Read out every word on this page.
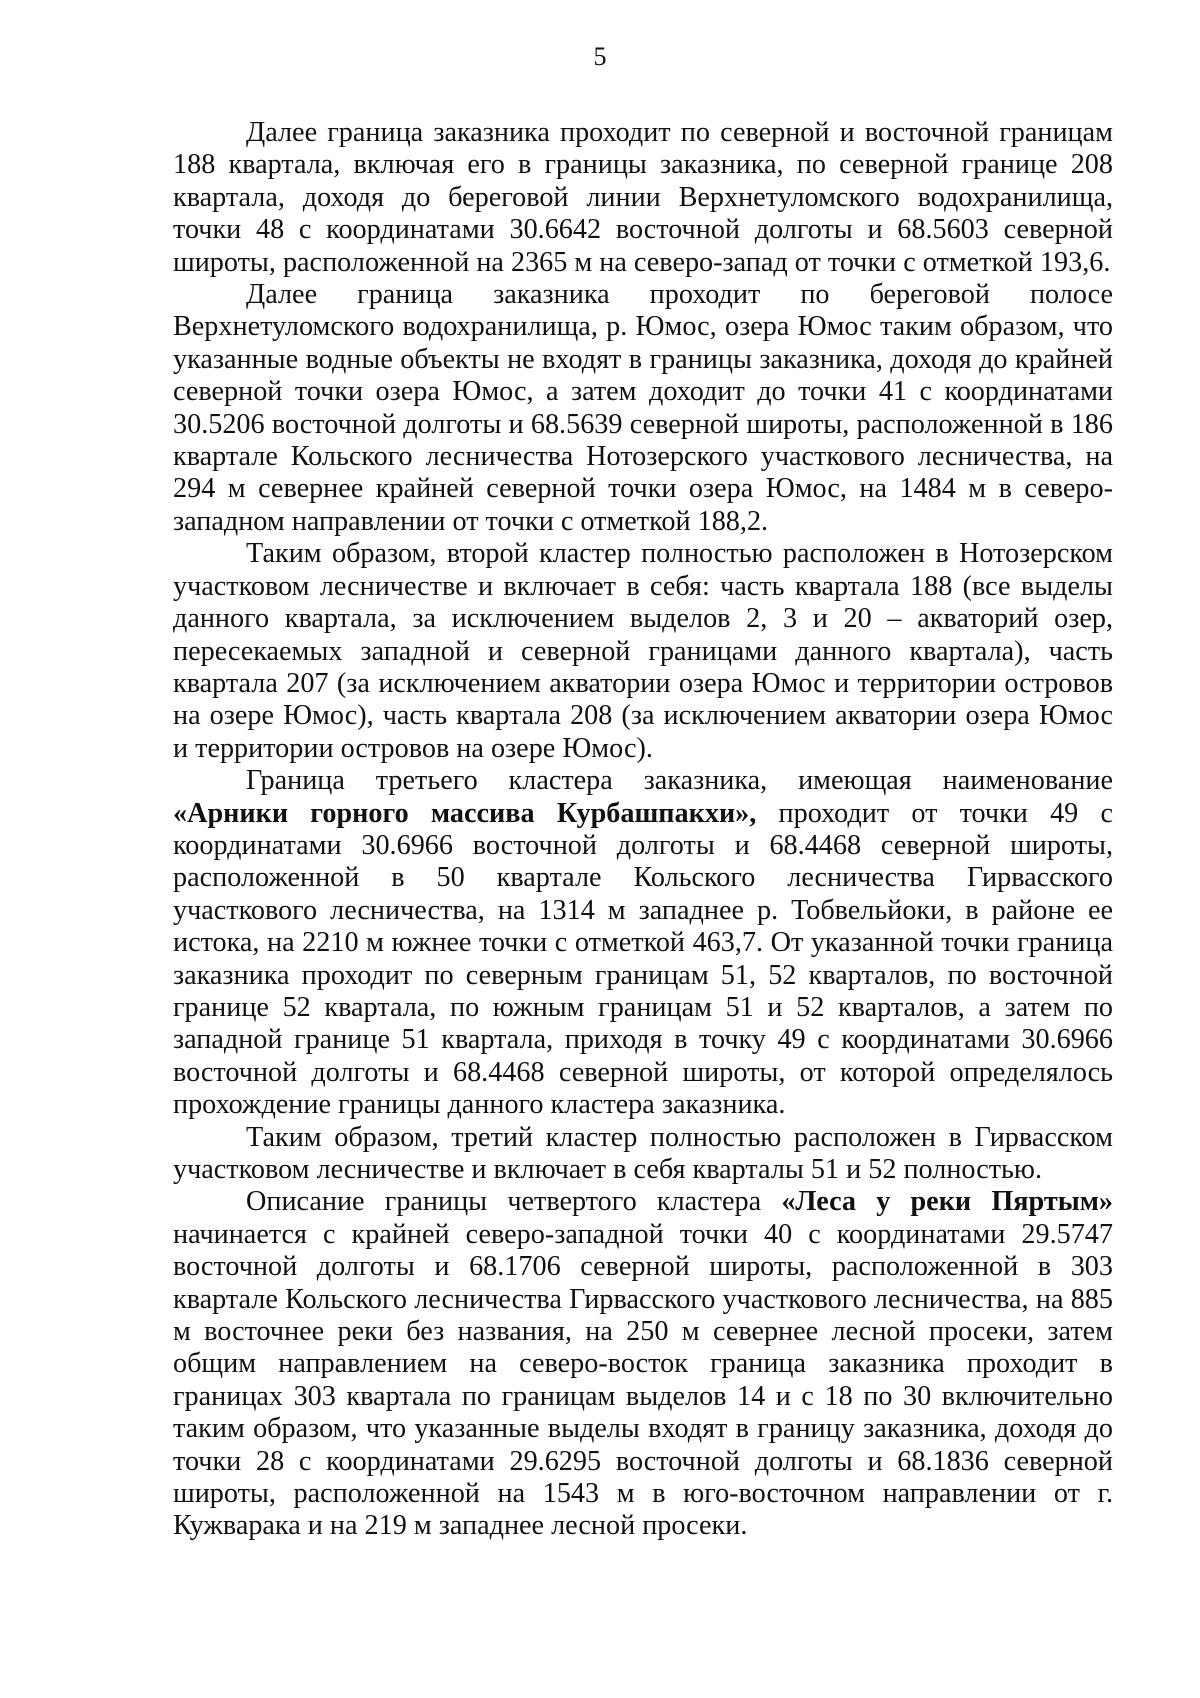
5

Далее граница заказника проходит по северной и восточной границам 188 квартала, включая его в границы заказника, по северной границе 208 квартала, доходя до береговой линии Верхнетуломского водохранилища, точки 48 с координатами 30.6642 восточной долготы и 68.5603 северной широты, расположенной на 2365 м на северо-запад от точки с отметкой 193,6.

Далее граница заказника проходит по береговой полосе Верхнетуломского водохранилища, р. Юмос, озера Юмос таким образом, что указанные водные объекты не входят в границы заказника, доходя до крайней северной точки озера Юмос, а затем доходит до точки 41 с координатами 30.5206 восточной долготы и 68.5639 северной широты, расположенной в 186 квартале Кольского лесничества Нотозерского участкового лесничества, на 294 м севернее крайней северной точки озера Юмос, на 1484 м в северо-западном направлении от точки с отметкой 188,2.

Таким образом, второй кластер полностью расположен в Нотозерском участковом лесничестве и включает в себя: часть квартала 188 (все выделы данного квартала, за исключением выделов 2, 3 и 20 – акваторий озер, пересекаемых западной и северной границами данного квартала), часть квартала 207 (за исключением акватории озера Юмос и территории островов на озере Юмос), часть квартала 208 (за исключением акватории озера Юмос и территории островов на озере Юмос).

Граница третьего кластера заказника, имеющая наименование «Арники горного массива Курбашпакхи», проходит от точки 49 с координатами 30.6966 восточной долготы и 68.4468 северной широты, расположенной в 50 квартале Кольского лесничества Гирвасского участкового лесничества, на 1314 м западнее р. Тобвельйоки, в районе ее истока, на 2210 м южнее точки с отметкой 463,7. От указанной точки граница заказника проходит по северным границам 51, 52 кварталов, по восточной границе 52 квартала, по южным границам 51 и 52 кварталов, а затем по западной границе 51 квартала, приходя в точку 49 с координатами 30.6966 восточной долготы и 68.4468 северной широты, от которой определялось прохождение границы данного кластера заказника.

Таким образом, третий кластер полностью расположен в Гирвасском участковом лесничестве и включает в себя кварталы 51 и 52 полностью.

Описание границы четвертого кластера «Леса у реки Пяртым» начинается с крайней северо-западной точки 40 с координатами 29.5747 восточной долготы и 68.1706 северной широты, расположенной в 303 квартале Кольского лесничества Гирвасского участкового лесничества, на 885 м восточнее реки без названия, на 250 м севернее лесной просеки, затем общим направлением на северо-восток граница заказника проходит в границах 303 квартала по границам выделов 14 и с 18 по 30 включительно таким образом, что указанные выделы входят в границу заказника, доходя до точки 28 с координатами 29.6295 восточной долготы и 68.1836 северной широты, расположенной на 1543 м в юго-восточном направлении от г. Кужварака и на 219 м западнее лесной просеки.
